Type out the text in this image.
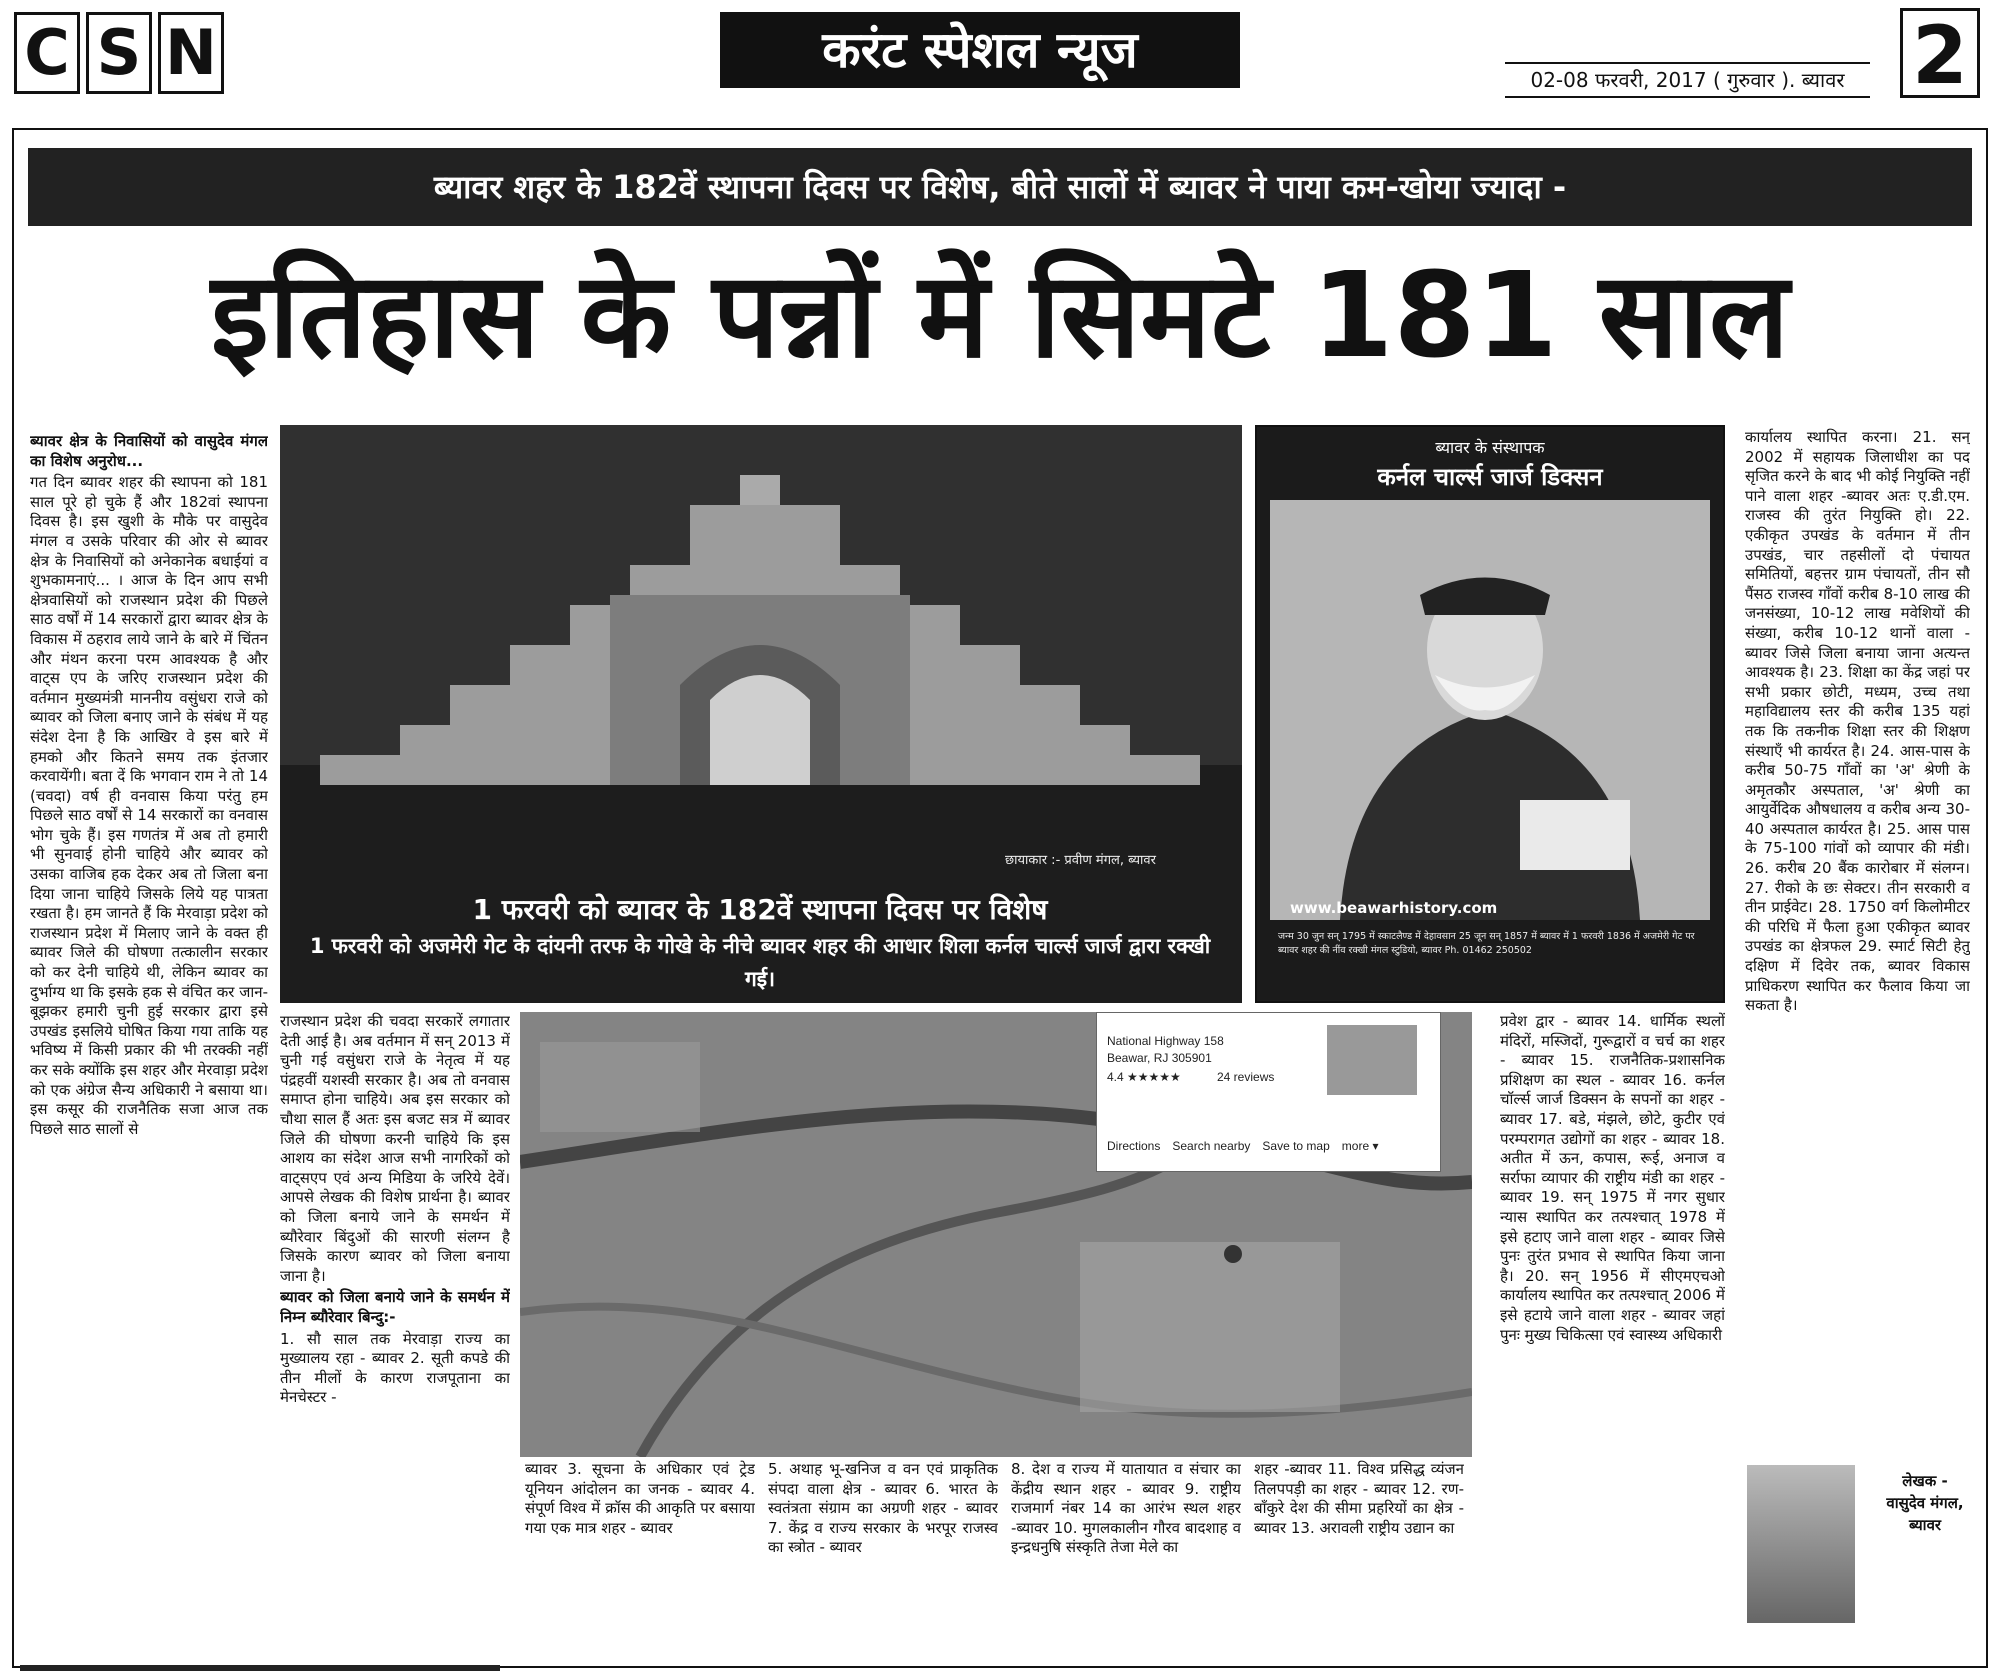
C S N	करंट स्पेशल न्यूज
02-08 फरवरी, 2017 ( गुरुवार ). ब्यावर 2
ब्यावर शहर के 182वें स्थापना दिवस पर विशेष, बीते सालों में ब्यावर ने पाया कम-खोया ज्यादा -
इतिहास के पन्नों में सिमटे 181 साल

ब्यावर क्षेत्र के निवासियों को वासुदेव मंगल का विशेष अनुरोध...

गत दिन ब्यावर शहर की स्थापना को 181 साल पूरे हो चुके हैं और 182वां स्थापना दिवस है। इस खुशी के मौके पर वासुदेव मंगल व उसके परिवार की ओर से ब्यावर क्षेत्र के निवासियों को अनेकानेक बधाईयां व शुभकामनाएं... । आज के दिन आप सभी क्षेत्रवासियों को राजस्थान प्रदेश की पिछले साठ वर्षों में 14 सरकारों द्वारा ब्यावर क्षेत्र के विकास में ठहराव लाये जाने के बारे में चिंतन और मंथन करना परम आवश्यक है और वाट्स एप के जरिए राजस्थान प्रदेश की वर्तमान मुख्यमंत्री माननीय वसुंधरा राजे को ब्यावर को जिला बनाए जाने के संबंध में यह संदेश देना है कि आखिर वे इस बारे में हमको और कितने समय तक इंतजार करवायेंगी। बता दें कि भगवान राम ने तो 14 (चवदा) वर्ष ही वनवास किया परंतु हम पिछले साठ वर्षों से 14 सरकारों का वनवास भोग चुके हैं। इस गणतंत्र में अब तो हमारी भी सुनवाई होनी चाहिये और ब्यावर को उसका वाजिब हक देकर अब तो जिला बना दिया जाना चाहिये जिसके लिये यह पात्रता रखता है। हम जानते हैं कि मेरवाड़ा प्रदेश को राजस्थान प्रदेश में मिलाए जाने के वक्त ही ब्यावर जिले की घोषणा तत्कालीन सरकार को कर देनी चाहिये थी, लेकिन ब्यावर का दुर्भाग्य था कि इसके हक से वंचित कर जान-बूझकर हमारी चुनी हुई सरकार द्वारा इसे उपखंड इसलिये घोषित किया गया ताकि यह भविष्य में किसी प्रकार की भी तरक्की नहीं कर सके क्योंकि इस शहर और मेरवाड़ा प्रदेश को एक अंग्रेज सैन्य अधिकारी ने बसाया था। इस कसूर की राजनैतिक सजा आज तक पिछले साठ सालों से

छायाकार :- प्रवीण मंगल, ब्यावर
1 फरवरी को ब्यावर के 182वें स्थापना दिवस पर विशेष
1 फरवरी को अजमेरी गेट के दांयनी तरफ के गोखे के नीचे ब्यावर शहर की आधार शिला कर्नल चार्ल्स जार्ज द्वारा रक्खी गई।
ब्यावर के संस्थापक
कर्नल चार्ल्स जार्ज डिक्सन
www.beawarhistory.com
जन्म 30 जुन सन् 1795 में स्काटलैण्ड में देहावसान 25 जून सन् 1857 में ब्यावर में 1 फरवरी 1836 में अजमेरी गेट पर ब्यावर शहर की नींव रक्खी मंगल स्टुडियो, ब्यावर Ph. 01462 250502

राजस्थान प्रदेश की चवदा सरकारें लगातार देती आई है। अब वर्तमान में सन् 2013 में चुनी गई वसुंधरा राजे के नेतृत्व में यह पंद्रहवीं यशस्वी सरकार है। अब तो वनवास समाप्त होना चाहिये। अब इस सरकार को चौथा साल हैं अतः इस बजट सत्र में ब्यावर जिले की घोषणा करनी चाहिये कि इस आशय का संदेश आज सभी नागरिकों को वाट्सएप एवं अन्य मिडिया के जरिये देवें। आपसे लेखक की विशेष प्रार्थना है। ब्यावर को जिला बनाये जाने के समर्थन में ब्यौरेवार बिंदुओं की सारणी संलग्न है जिसके कारण ब्यावर को जिला बनाया जाना है।

ब्यावर को जिला बनाये जाने के समर्थन में निम्न ब्यौरेवार बिन्दु:-

1. सौ साल तक मेरवाड़ा राज्य का मुख्यालय रहा - ब्यावर 2. सूती कपडे की तीन मीलों के कारण राजपूताना का मेनचेस्टर -

National Highway 158
Beawar, RJ 305901
4.4 ★★★★★	24 reviews
Directions Search nearby Save to map more ▾
ब्यावर 3. सूचना के अधिकार एवं ट्रेड यूनियन आंदोलन का जनक - ब्यावर 4. संपूर्ण विश्व में क्रॉस की आकृति पर बसाया गया एक मात्र शहर - ब्यावर
5. अथाह भू-खनिज व वन एवं प्राकृतिक संपदा वाला क्षेत्र - ब्यावर 6. भारत के स्वतंत्रता संग्राम का अग्रणी शहर - ब्यावर 7. केंद्र व राज्य सरकार के भरपूर राजस्व का स्त्रोत - ब्यावर
8. देश व राज्य में यातायात व संचार का केंद्रीय स्थान शहर - ब्यावर 9. राष्ट्रीय राजमार्ग नंबर 14 का आरंभ स्थल शहर -ब्यावर 10. मुगलकालीन गौरव बादशाह व इन्द्रधनुषि संस्कृति तेजा मेले का
शहर -ब्यावर 11. विश्व प्रसिद्ध व्यंजन तिलपपड़ी का शहर - ब्यावर 12. रण-बाँकुरे देश की सीमा प्रहरियों का क्षेत्र - ब्यावर 13. अरावली राष्ट्रीय उद्यान का
प्रवेश द्वार - ब्यावर 14. धार्मिक स्थलों मंदिरों, मस्जिदों, गुरूद्वारों व चर्च का शहर - ब्यावर 15. राजनैतिक-प्रशासनिक प्रशिक्षण का स्थल - ब्यावर 16. कर्नल चॉर्ल्स जार्ज डिक्सन के सपनों का शहर - ब्यावर 17. बडे, मंझले, छोटे, कुटीर एवं परम्परागत उद्योगों का शहर - ब्यावर 18. अतीत में ऊन, कपास, रूई, अनाज व सर्राफा व्यापार की राष्ट्रीय मंडी का शहर - ब्यावर 19. सन् 1975 में नगर सुधार न्यास स्थापित कर तत्पश्चात् 1978 में इसे हटाए जाने वाला शहर - ब्यावर जिसे पुनः तुरंत प्रभाव से स्थापित किया जाना है। 20. सन् 1956 में सीएमएचओ कार्यालय स्थापित कर तत्पश्चात् 2006 में इसे हटाये जाने वाला शहर - ब्यावर जहां पुनः मुख्य चिकित्सा एवं स्वास्थ्य अधिकारी
कार्यालय स्थापित करना। 21. सन् 2002 में सहायक जिलाधीश का पद सृजित करने के बाद भी कोई नियुक्ति नहीं पाने वाला शहर -ब्यावर अतः ए.डी.एम. राजस्व की तुरंत नियुक्ति हो। 22. एकीकृत उपखंड के वर्तमान में तीन उपखंड, चार तहसीलों दो पंचायत समितियों, बहत्तर ग्राम पंचायतों, तीन सौ पैंसठ राजस्व गाँवों करीब 8-10 लाख की जनसंख्या, 10-12 लाख मवेशियों की संख्या, करीब 10-12 थानों वाला - ब्यावर जिसे जिला बनाया जाना अत्यन्त आवश्यक है। 23. शिक्षा का केंद्र जहां पर सभी प्रकार छोटी, मध्यम, उच्च तथा महाविद्यालय स्तर की करीब 135 यहां तक कि तकनीक शिक्षा स्तर की शिक्षण संस्थाएँ भी कार्यरत है। 24. आस-पास के करीब 50-75 गाँवों का 'अ' श्रेणी के अमृतकौर अस्पताल, 'अ' श्रेणी का आयुर्वेदिक औषधालय व करीब अन्य 30-40 अस्पताल कार्यरत है। 25. आस पास के 75-100 गांवों को व्यापार की मंडी। 26. करीब 20 बैंक कारोबार में संलग्न। 27. रीको के छः सेक्टर। तीन सरकारी व तीन प्राईवेट। 28. 1750 वर्ग किलोमीटर की परिधि में फैला हुआ एकीकृत ब्यावर उपखंड का क्षेत्रफल 29. स्मार्ट सिटी हेतु दक्षिण में दिवेर तक, ब्यावर विकास प्राधिकरण स्थापित कर फैलाव किया जा सकता है।
लेखक -
वासुदेव मंगल,
ब्यावर
